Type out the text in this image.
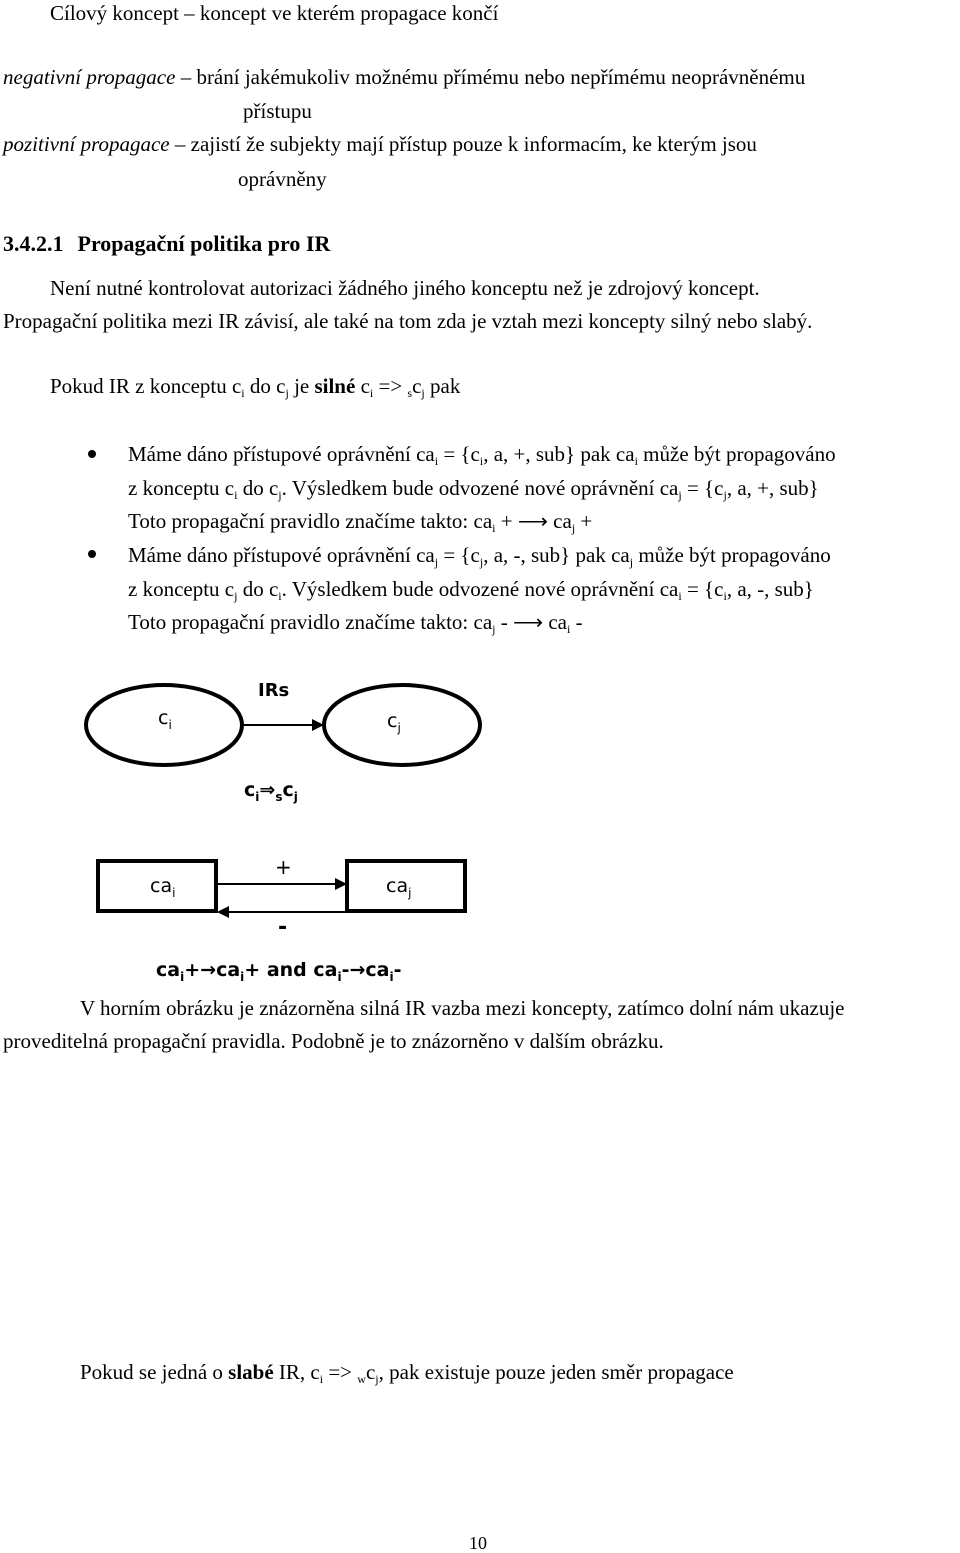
Cílový koncept – koncept ve kterém propagace končí
negativní propagace – brání jakémukoliv možnému přímému nebo nepřímému neoprávněnému
přístupu
pozitivní propagace – zajistí že subjekty mají přístup pouze k informacím, ke kterým jsou
oprávněny
3.4.2.1 Propagační politika pro IR
Není nutné kontrolovat autorizaci žádného jiného konceptu než je zdrojový koncept.
Propagační politika mezi IR závisí, ale také na tom zda je vztah mezi koncepty silný nebo slabý.
Pokud IR z konceptu $c_i$ do $c_j$ je silné $c_i => _sc_j$ pak
Máme dáno přístupové oprávnění $ca_i = \{c_i$, a, +, sub} pak $ca_i$ může být propagováno
z konceptu $c_i$ do $c_j$. Výsledkem bude odvozené nové oprávnění $ca_j = \{c_j$, a, +, sub}
Toto propagační pravidlo značíme takto: $ca_i$ + ⟶ $ca_j$ +
Máme dáno přístupové oprávnění $ca_j = \{c_j$, a, -, sub} pak $ca_j$ může být propagováno
z konceptu $c_j$ do $c_i$. Výsledkem bude odvozené nové oprávnění $ca_i = \{c_i$, a, -, sub}
Toto propagační pravidlo značíme takto: $ca_j$ - ⟶ $ca_i$ -
IRs
$c_i$	$c_j$
$c_i\Rightarrow_sc_j$
$ca_i$	$ca_j$
+
-
$ca_i+\to ca_i+$ and $ca_i-\to ca_i-$
V horním obrázku je znázorněna silná IR vazba mezi koncepty, zatímco dolní nám ukazuje
proveditelná propagační pravidla. Podobně je to znázorněno v dalším obrázku.
Pokud se jedná o slabé IR, $c_i => _wc_j$, pak existuje pouze jeden směr propagace
10
